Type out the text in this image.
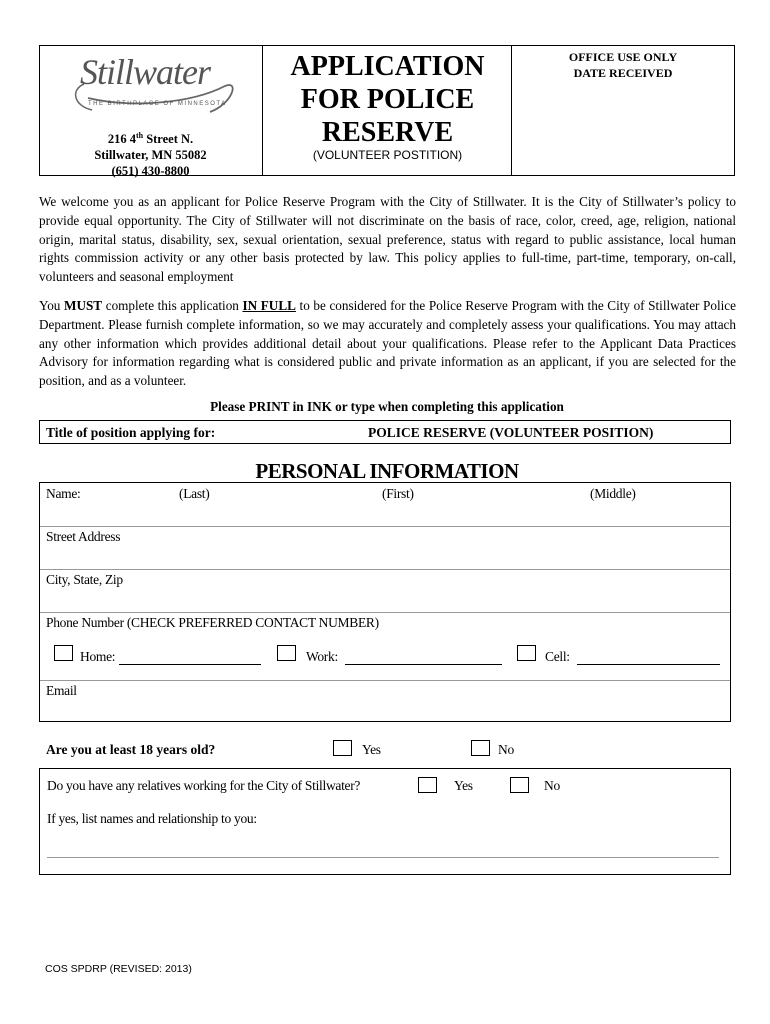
Stillwater
THE BIRTHPLACE OF MINNESOTA
216 4th Street N.
Stillwater, MN 55082
(651) 430-8800
APPLICATION
FOR POLICE
RESERVE
(VOLUNTEER POSTITION)
OFFICE USE ONLY
DATE RECEIVED

We welcome you as an applicant for Police Reserve Program with the City of Stillwater. It is the City of Stillwater’s policy to provide equal opportunity. The City of Stillwater will not discriminate on the basis of race, color, creed, age, religion, national origin, marital status, disability, sex, sexual orientation, sexual preference, status with regard to public assistance, local human rights commission activity or any other basis protected by law. This policy applies to full-time, part-time, temporary, on-call, volunteers and seasonal employment

You MUST complete this application IN FULL to be considered for the Police Reserve Program with the City of Stillwater Police Department. Please furnish complete information, so we may accurately and completely assess your qualifications. You may attach any other information which provides additional detail about your qualifications. Please refer to the Applicant Data Practices Advisory for information regarding what is considered public and private information as an applicant, if you are selected for the position, and as a volunteer.

Please PRINT in INK or type when completing this application
Title of position applying for:	POLICE RESERVE (VOLUNTEER POSITION)
PERSONAL INFORMATION
Name:	(Last)	(First)	(Middle)
Street Address
City, State, Zip
Phone Number (CHECK PREFERRED CONTACT NUMBER)
Home:	Work:	Cell:
Email
Are you at least 18 years old?	Yes	No
Do you have any relatives working for the City of Stillwater?	Yes	No
If yes, list names and relationship to you:
COS SPDRP (REVISED: 2013)
